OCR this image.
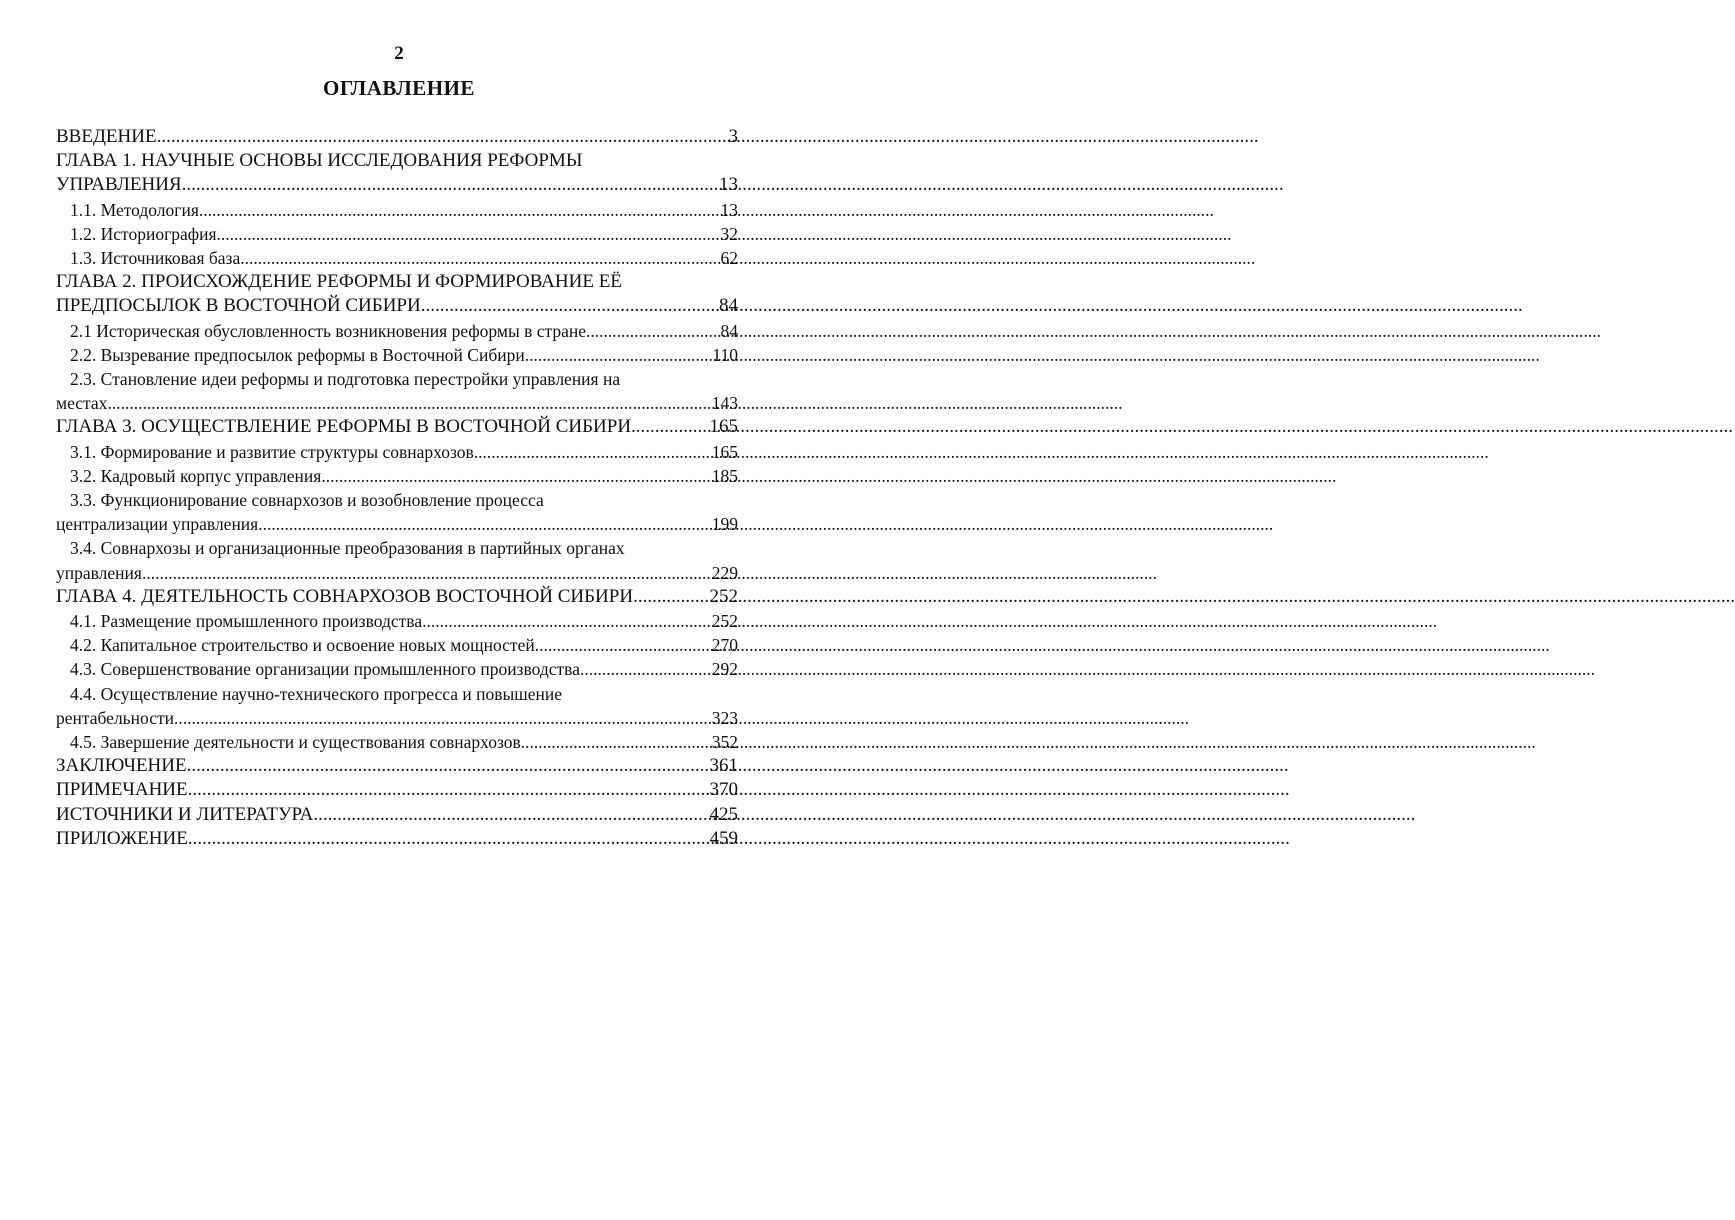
2
ОГЛАВЛЕНИЕ
ВВЕДЕНИЕ .....	3
ГЛАВА 1. НАУЧНЫЕ ОСНОВЫ ИССЛЕДОВАНИЯ РЕФОРМЫ
УПРАВЛЕНИЯ .....	13
1.1. Методология .....	13
1.2. Историография .....	32
1.3. Источниковая база .....	62
ГЛАВА 2. ПРОИСХОЖДЕНИЕ РЕФОРМЫ И ФОРМИРОВАНИЕ ЕЁ
ПРЕДПОСЫЛОК В ВОСТОЧНОЙ СИБИРИ .....	84
2.1 Историческая обусловленность возникновения реформы в стране .....	84
2.2. Вызревание предпосылок реформы в Восточной Сибири .....	110
2.3. Становление идеи реформы и подготовка перестройки управления на
местах .....	143
ГЛАВА 3. ОСУЩЕСТВЛЕНИЕ РЕФОРМЫ В ВОСТОЧНОЙ СИБИРИ .....	165
3.1. Формирование и развитие структуры совнархозов .....	165
3.2. Кадровый корпус управления .....	185
3.3. Функционирование совнархозов и возобновление процесса
централизации управления .....	199
3.4. Совнархозы и организационные преобразования в партийных органах
управления .....	229
ГЛАВА 4. ДЕЯТЕЛЬНОСТЬ СОВНАРХОЗОВ ВОСТОЧНОЙ СИБИРИ .....	252
4.1. Размещение промышленного производства .....	252
4.2. Капитальное строительство и освоение новых мощностей .....	270
4.3. Совершенствование организации промышленного производства .....	292
4.4. Осуществление научно-технического прогресса и повышение
рентабельности .....	323
4.5. Завершение деятельности и существования совнархозов .....	352
ЗАКЛЮЧЕНИЕ .....	361
ПРИМЕЧАНИЕ .....	370
ИСТОЧНИКИ И ЛИТЕРАТУРА .....	425
ПРИЛОЖЕНИЕ .....	459
